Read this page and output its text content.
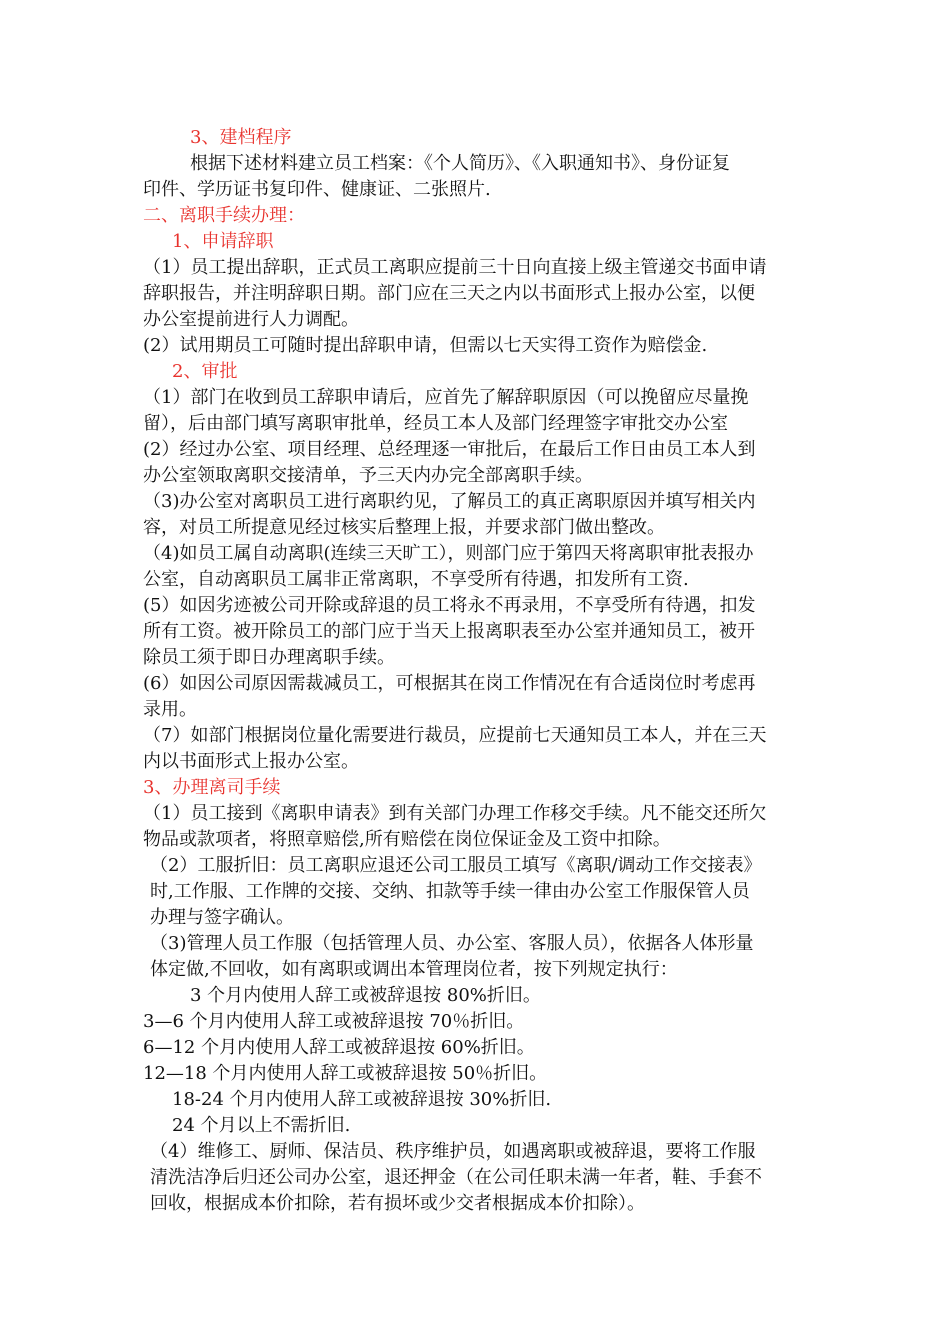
3、建档程序
根据下述材料建立员工档案：《个人简历》、《入职通知书》、身份证复
印件、学历证书复印件、健康证、二张照片.
二、离职手续办理：
1、申请辞职
（1）员工提出辞职，正式员工离职应提前三十日向直接上级主管递交书面申请
辞职报告，并注明辞职日期。部门应在三天之内以书面形式上报办公室，以便
办公室提前进行人力调配。
(2）试用期员工可随时提出辞职申请，但需以七天实得工资作为赔偿金.
2、审批
（1）部门在收到员工辞职申请后，应首先了解辞职原因（可以挽留应尽量挽
留），后由部门填写离职审批单，经员工本人及部门经理签字审批交办公室
(2）经过办公室、项目经理、总经理逐一审批后，在最后工作日由员工本人到
办公室领取离职交接清单，予三天内办完全部离职手续。
（3)办公室对离职员工进行离职约见，了解员工的真正离职原因并填写相关内
容，对员工所提意见经过核实后整理上报，并要求部门做出整改。
（4)如员工属自动离职(连续三天旷工），则部门应于第四天将离职审批表报办
公室，自动离职员工属非正常离职，不享受所有待遇，扣发所有工资.
(5）如因劣迹被公司开除或辞退的员工将永不再录用，不享受所有待遇，扣发
所有工资。被开除员工的部门应于当天上报离职表至办公室并通知员工，被开
除员工须于即日办理离职手续。
(6）如因公司原因需裁减员工，可根据其在岗工作情况在有合适岗位时考虑再
录用。
（7）如部门根据岗位量化需要进行裁员，应提前七天通知员工本人，并在三天
内以书面形式上报办公室。
3、办理离司手续
（1）员工接到《离职申请表》到有关部门办理工作移交手续。凡不能交还所欠
物品或款项者，将照章赔偿,所有赔偿在岗位保证金及工资中扣除。
（2）工服折旧：员工离职应退还公司工服员工填写《离职/调动工作交接表》
时,工作服、工作牌的交接、交纳、扣款等手续一律由办公室工作服保管人员
办理与签字确认。
（3)管理人员工作服（包括管理人员、办公室、客服人员），依据各人体形量
体定做,不回收，如有离职或调出本管理岗位者，按下列规定执行：
3 个月内使用人辞工或被辞退按 80%折旧。
3—6 个月内使用人辞工或被辞退按 70％折旧。
6—12 个月内使用人辞工或被辞退按 60%折旧。
12—18 个月内使用人辞工或被辞退按 50％折旧。
18-24 个月内使用人辞工或被辞退按 30%折旧.
24 个月以上不需折旧.
（4）维修工、厨师、保洁员、秩序维护员，如遇离职或被辞退，要将工作服
清洗洁净后归还公司办公室，退还押金（在公司任职未满一年者，鞋、手套不
回收，根据成本价扣除，若有损坏或少交者根据成本价扣除）。
